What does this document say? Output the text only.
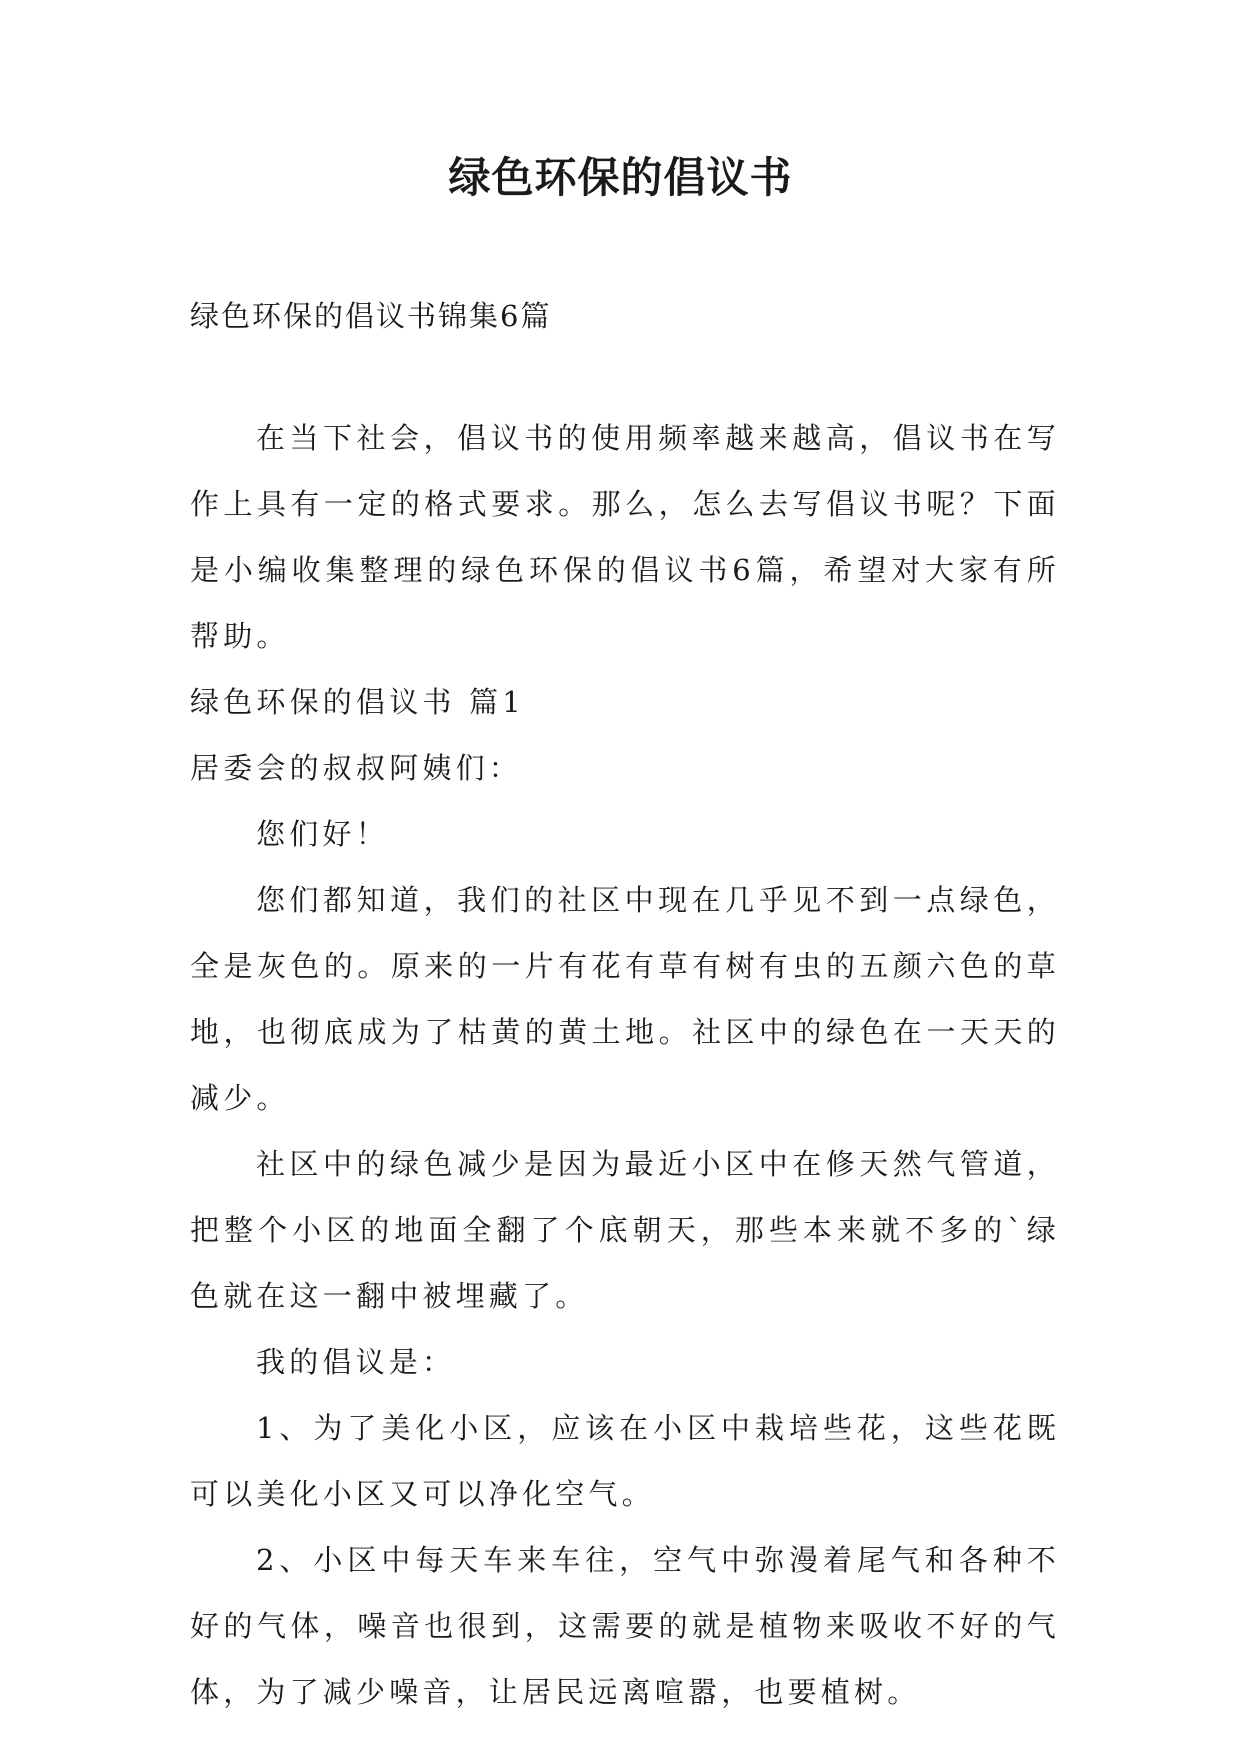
绿色环保的倡议书

绿色环保的倡议书锦集6篇

在当下社会，倡议书的使用频率越来越高，倡议书在写作上具有一定的格式要求。那么，怎么去写倡议书呢？下面是小编收集整理的绿色环保的倡议书6篇，希望对大家有所帮助。

绿色环保的倡议书 篇1

居委会的叔叔阿姨们：

您们好！

您们都知道，我们的社区中现在几乎见不到一点绿色，全是灰色的。原来的一片有花有草有树有虫的五颜六色的草地，也彻底成为了枯黄的黄土地。社区中的绿色在一天天的减少。

社区中的绿色减少是因为最近小区中在修天然气管道，把整个小区的地面全翻了个底朝天，那些本来就不多的`绿色就在这一翻中被埋藏了。

我的倡议是：

1、为了美化小区，应该在小区中栽培些花，这些花既可以美化小区又可以净化空气。

2、小区中每天车来车往，空气中弥漫着尾气和各种不好的气体，噪音也很到，这需要的就是植物来吸收不好的气体，为了减少噪音，让居民远离喧嚣，也要植树。
